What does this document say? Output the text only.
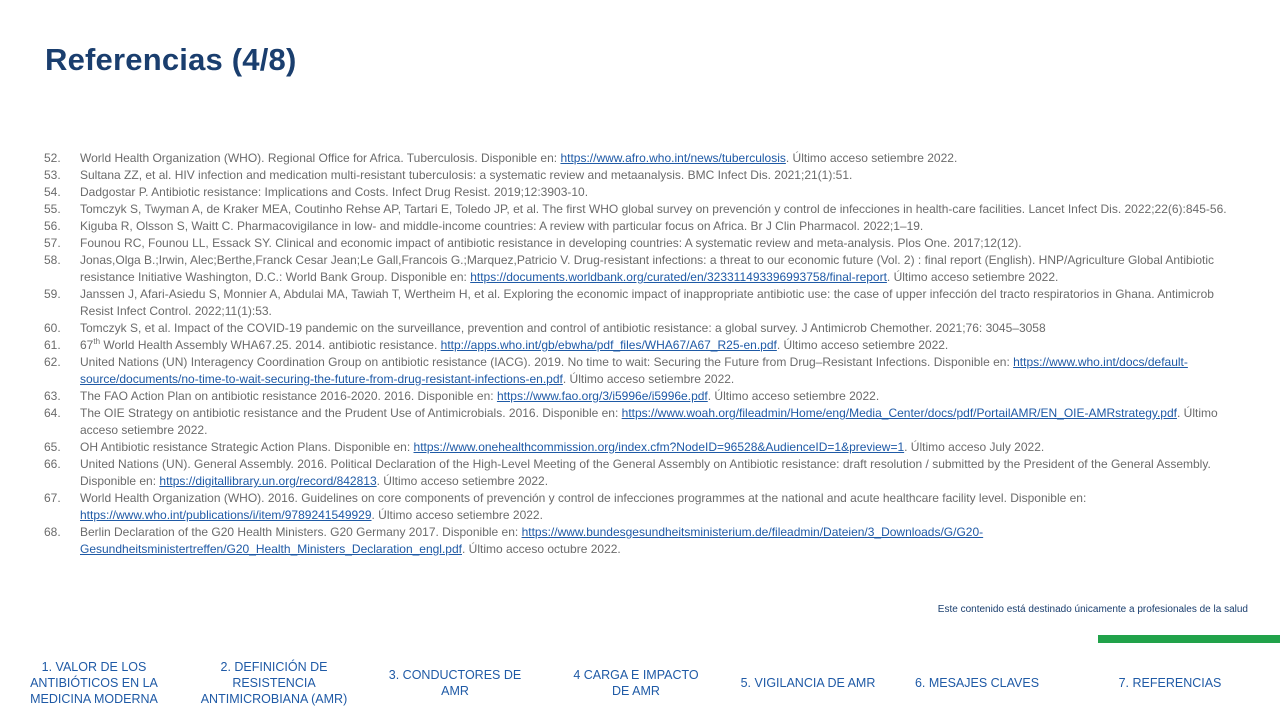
Referencias (4/8)
52.	World Health Organization (WHO). Regional Office for Africa. Tuberculosis. Disponible en: https://www.afro.who.int/news/tuberculosis. Último acceso setiembre 2022.
53.	Sultana ZZ, et al. HIV infection and medication multi-resistant tuberculosis: a systematic review and metaanalysis. BMC Infect Dis. 2021;21(1):51.
54.	Dadgostar P. Antibiotic resistance: Implications and Costs. Infect Drug Resist. 2019;12:3903-10.
55.	Tomczyk S, Twyman A, de Kraker MEA, Coutinho Rehse AP, Tartari E, Toledo JP, et al. The first WHO global survey on prevención y control de infecciones in health-care facilities. Lancet Infect Dis. 2022;22(6):845-56.
56.	Kiguba R, Olsson S, Waitt C. Pharmacovigilance in low- and middle-income countries: A review with particular focus on Africa. Br J Clin Pharmacol. 2022;1–19.
57.	Founou RC, Founou LL, Essack SY. Clinical and economic impact of antibiotic resistance in developing countries: A systematic review and meta-analysis. Plos One. 2017;12(12).
58.	Jonas,Olga B.;Irwin, Alec;Berthe,Franck Cesar Jean;Le Gall,Francois G.;Marquez,Patricio V. Drug-resistant infections: a threat to our economic future (Vol. 2) : final report (English). HNP/Agriculture Global Antibiotic resistance Initiative Washington, D.C.: World Bank Group. Disponible en: https://documents.worldbank.org/curated/en/323311493396993758/final-report. Último acceso setiembre 2022.
59.	Janssen J, Afari-Asiedu S, Monnier A, Abdulai MA, Tawiah T, Wertheim H, et al. Exploring the economic impact of inappropriate antibiotic use: the case of upper infección del tracto respiratorios in Ghana. Antimicrob Resist Infect Control. 2022;11(1):53.
60.	Tomczyk S, et al. Impact of the COVID-19 pandemic on the surveillance, prevention and control of antibiotic resistance: a global survey. J Antimicrob Chemother. 2021;76: 3045–3058
61.	67th World Health Assembly WHA67.25. 2014. antibiotic resistance. http://apps.who.int/gb/ebwha/pdf_files/WHA67/A67_R25-en.pdf. Último acceso setiembre 2022.
62.	United Nations (UN) Interagency Coordination Group on antibiotic resistance (IACG). 2019. No time to wait: Securing the Future from Drug–Resistant Infections. Disponible en: https://www.who.int/docs/default-source/documents/no-time-to-wait-securing-the-future-from-drug-resistant-infections-en.pdf. Último acceso setiembre 2022.
63.	The FAO Action Plan on antibiotic resistance 2016-2020. 2016. Disponible en: https://www.fao.org/3/i5996e/i5996e.pdf. Último acceso setiembre 2022.
64.	The OIE Strategy on antibiotic resistance and the Prudent Use of Antimicrobials. 2016. Disponible en: https://www.woah.org/fileadmin/Home/eng/Media_Center/docs/pdf/PortailAMR/EN_OIE-AMRstrategy.pdf. Último acceso setiembre 2022.
65.	OH Antibiotic resistance Strategic Action Plans. Disponible en: https://www.onehealthcommission.org/index.cfm?NodeID=96528&AudienceID=1&preview=1. Último acceso July 2022.
66.	United Nations (UN). General Assembly. 2016. Political Declaration of the High-Level Meeting of the General Assembly on Antibiotic resistance: draft resolution / submitted by the President of the General Assembly. Disponible en: https://digitallibrary.un.org/record/842813. Último acceso setiembre 2022.
67.	World Health Organization (WHO). 2016. Guidelines on core components of prevención y control de infecciones programmes at the national and acute healthcare facility level. Disponible en: https://www.who.int/publications/i/item/9789241549929. Último acceso setiembre 2022.
68.	Berlin Declaration of the G20 Health Ministers. G20 Germany 2017. Disponible en: https://www.bundesgesundheitsministerium.de/fileadmin/Dateien/3_Downloads/G/G20-Gesundheitsministertreffen/G20_Health_Ministers_Declaration_engl.pdf. Último acceso octubre 2022.
Este contenido está destinado únicamente a profesionales de la salud
1. VALOR DE LOS
ANTIBIÓTICOS EN LA
MEDICINA MODERNA
2. DEFINICIÓN DE
RESISTENCIA
ANTIMICROBIANA (AMR)
3. CONDUCTORES DE
AMR
4 CARGA E IMPACTO
DE AMR
5. VIGILANCIA DE AMR	6. MESAJES CLAVES	7. REFERENCIAS
